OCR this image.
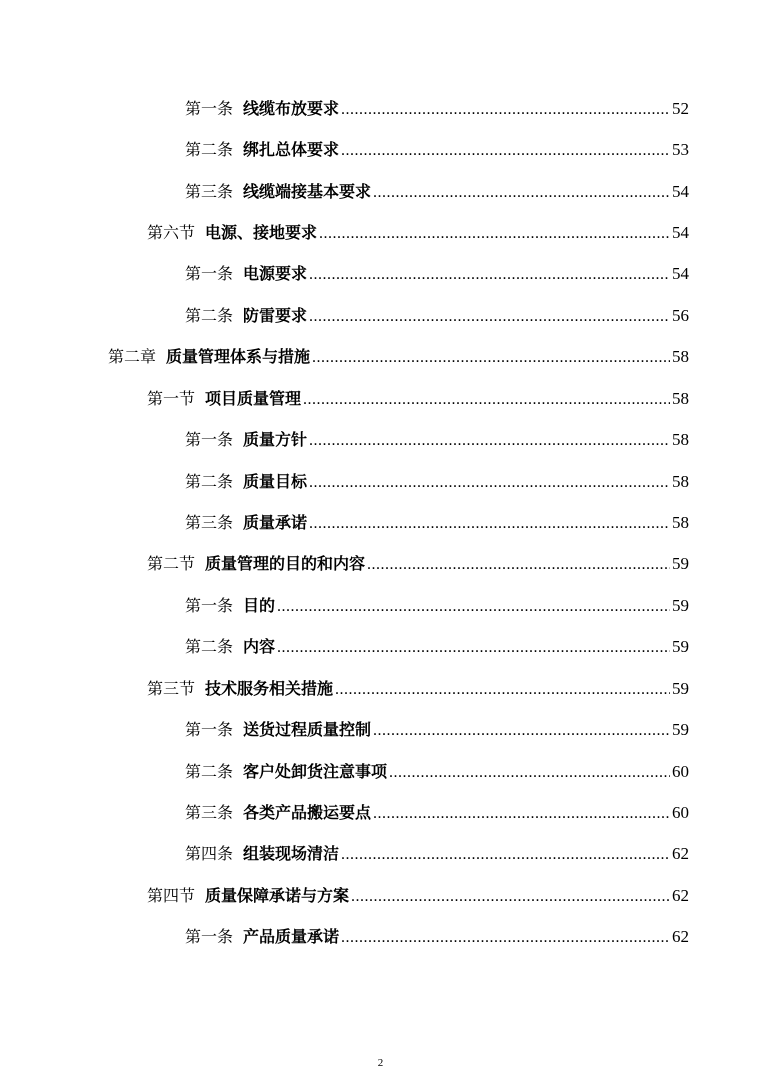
第一条 线缆布放要求 .....	52
第二条 绑扎总体要求 .....	53
第三条 线缆端接基本要求 .....	54
第六节 电源、接地要求 .....	54
第一条 电源要求 .....	54
第二条 防雷要求 .....	56
第二章 质量管理体系与措施 .....	58
第一节 项目质量管理 .....	58
第一条 质量方针 .....	58
第二条 质量目标 .....	58
第三条 质量承诺 .....	58
第二节 质量管理的目的和内容 .....	59
第一条 目的 .....	59
第二条 内容 .....	59
第三节 技术服务相关措施 .....	59
第一条 送货过程质量控制 .....	59
第二条 客户处卸货注意事项 .....	60
第三条 各类产品搬运要点 .....	60
第四条 组装现场清洁 .....	62
第四节 质量保障承诺与方案 .....	62
第一条 产品质量承诺 .....	62
2
